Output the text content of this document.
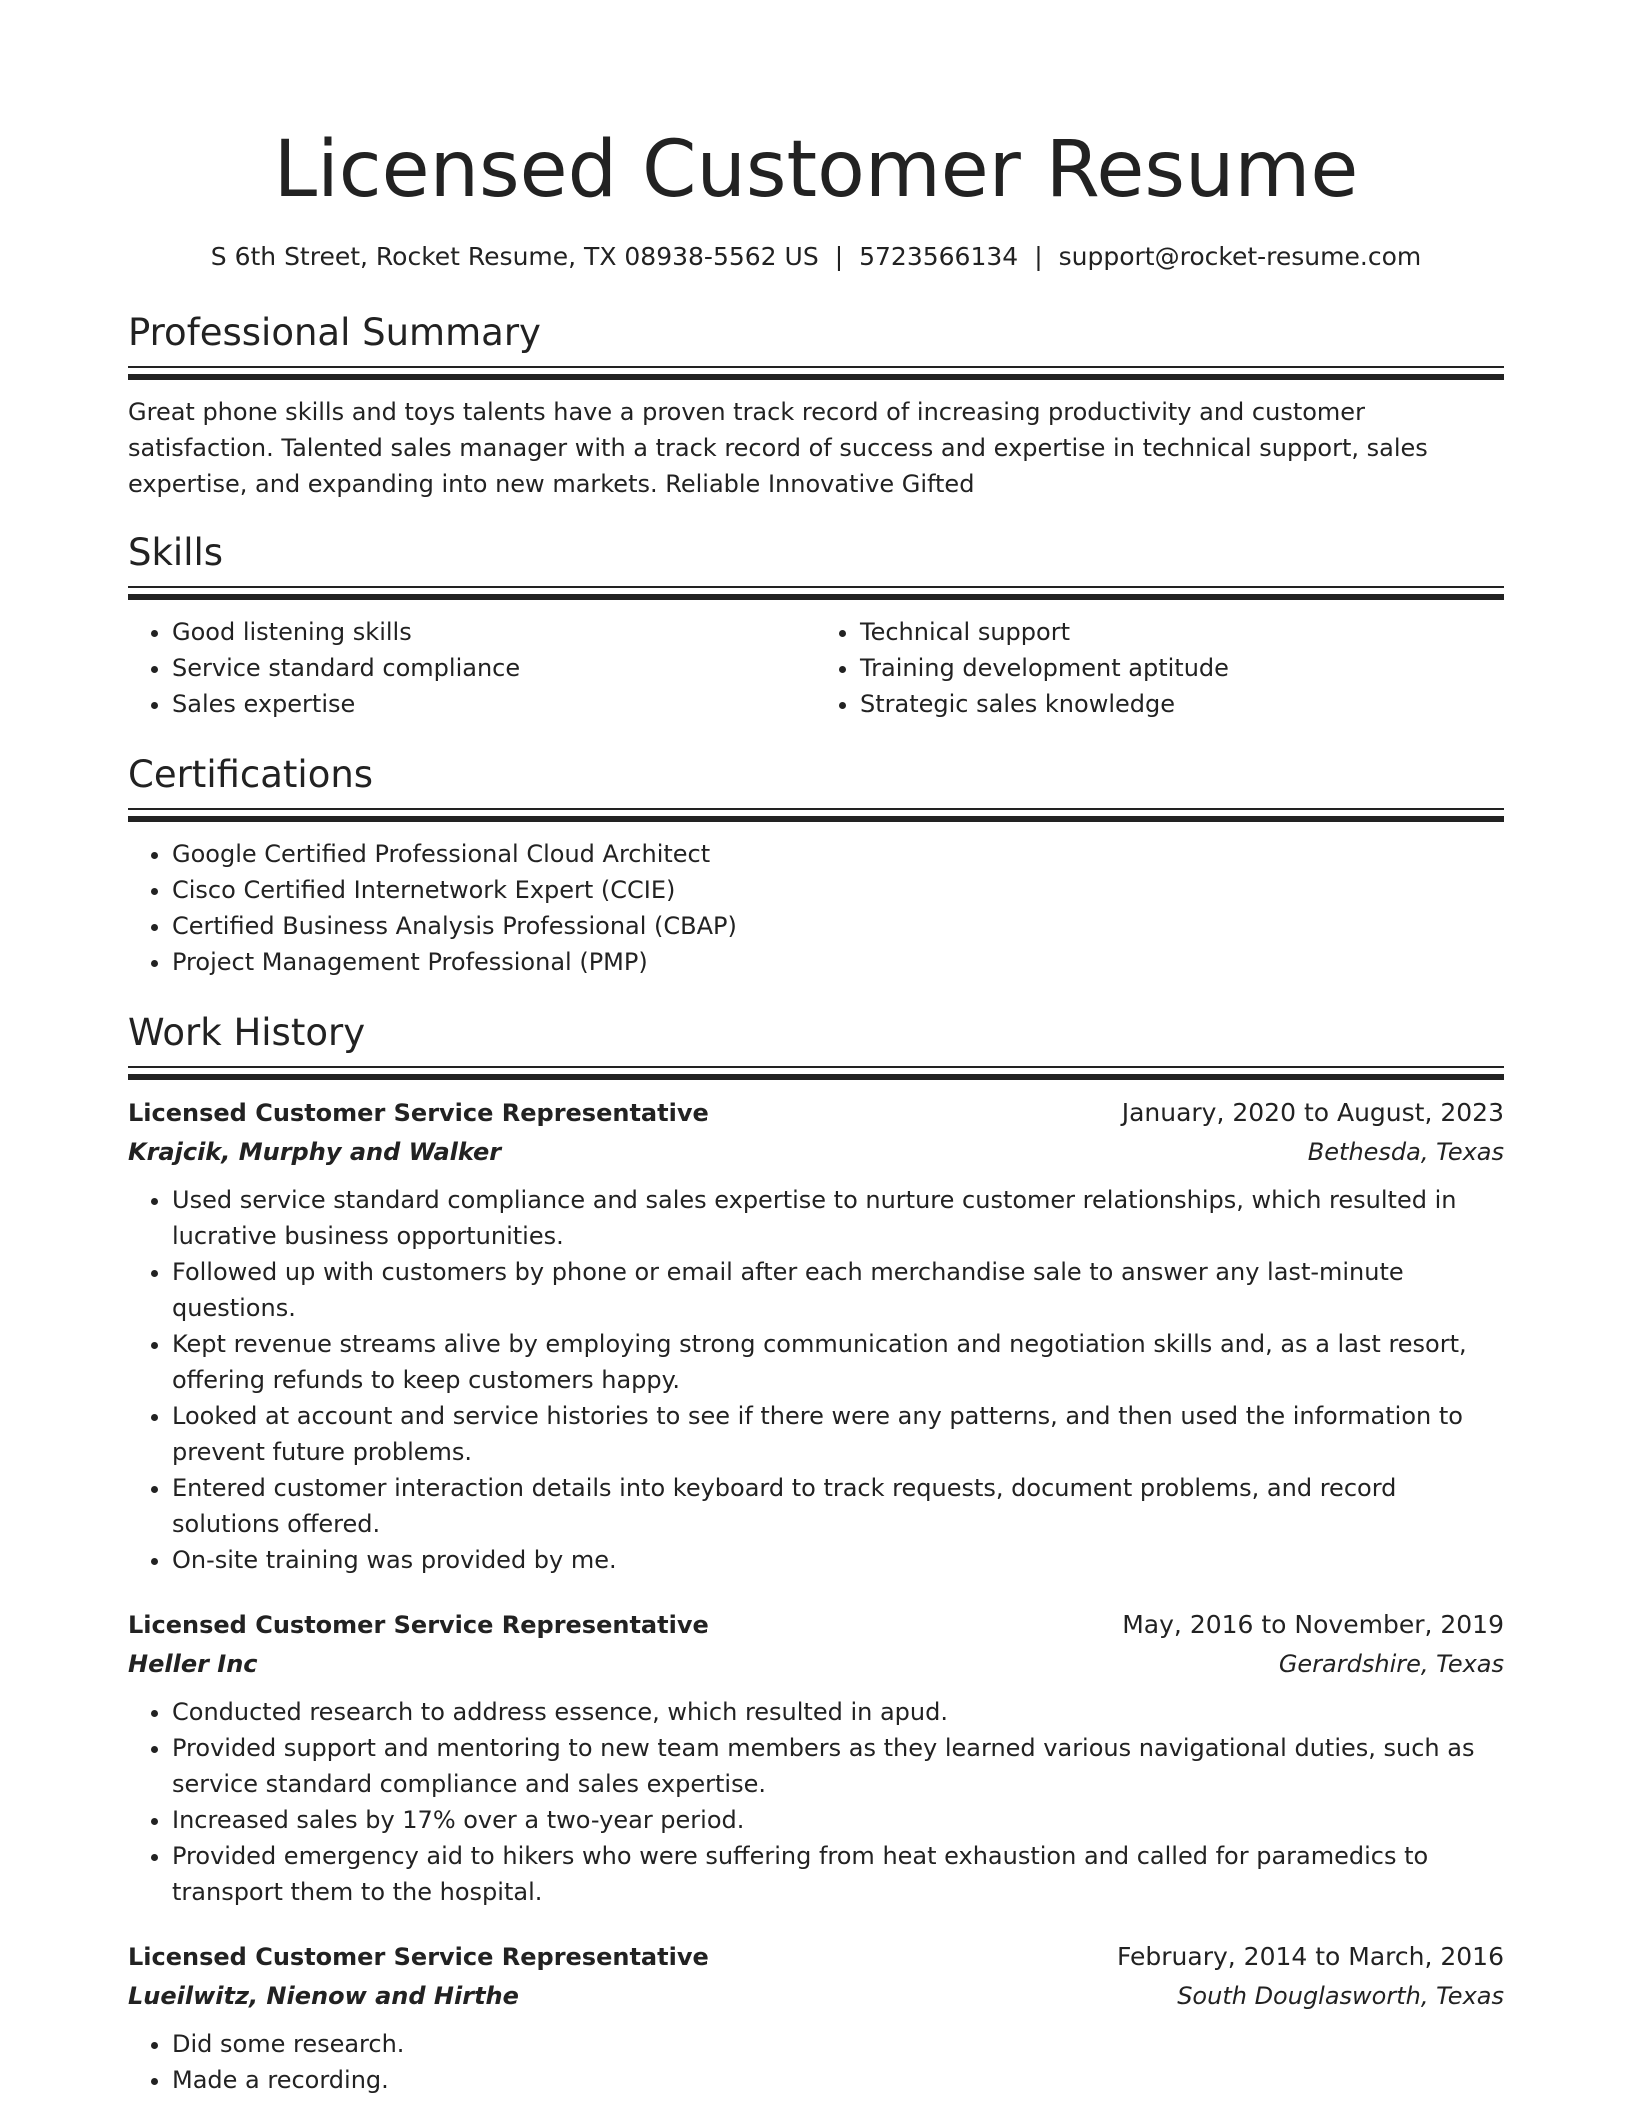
Licensed Customer Resume
S 6th Street, Rocket Resume, TX 08938-5562 US | 5723566134 | support@rocket-resume.com
Professional Summary

Great phone skills and toys talents have a proven track record of increasing productivity and customer satisfaction. Talented sales manager with a track record of success and expertise in technical support, sales expertise, and expanding into new markets. Reliable Innovative Gifted

Skills
• Good listening skills
• Service standard compliance
• Sales expertise
• Technical support
• Training development aptitude
• Strategic sales knowledge
Certifications
• Google Certified Professional Cloud Architect
• Cisco Certified Internetwork Expert (CCIE)
• Certified Business Analysis Professional (CBAP)
• Project Management Professional (PMP)
Work History
Licensed Customer Service Representative	January, 2020 to August, 2023
Krajcik, Murphy and Walker	Bethesda, Texas
• Used service standard compliance and sales expertise to nurture customer relationships, which resulted in lucrative business opportunities.
• Followed up with customers by phone or email after each merchandise sale to answer any last-minute questions.
• Kept revenue streams alive by employing strong communication and negotiation skills and, as a last resort, offering refunds to keep customers happy.
• Looked at account and service histories to see if there were any patterns, and then used the information to prevent future problems.
• Entered customer interaction details into keyboard to track requests, document problems, and record solutions offered.
• On-site training was provided by me.
Licensed Customer Service Representative	May, 2016 to November, 2019
Heller Inc	Gerardshire, Texas
• Conducted research to address essence, which resulted in apud.
• Provided support and mentoring to new team members as they learned various navigational duties, such as service standard compliance and sales expertise.
• Increased sales by 17% over a two-year period.
• Provided emergency aid to hikers who were suffering from heat exhaustion and called for paramedics to transport them to the hospital.
Licensed Customer Service Representative	February, 2014 to March, 2016
Lueilwitz, Nienow and Hirthe	South Douglasworth, Texas
• Did some research.
• Made a recording.
